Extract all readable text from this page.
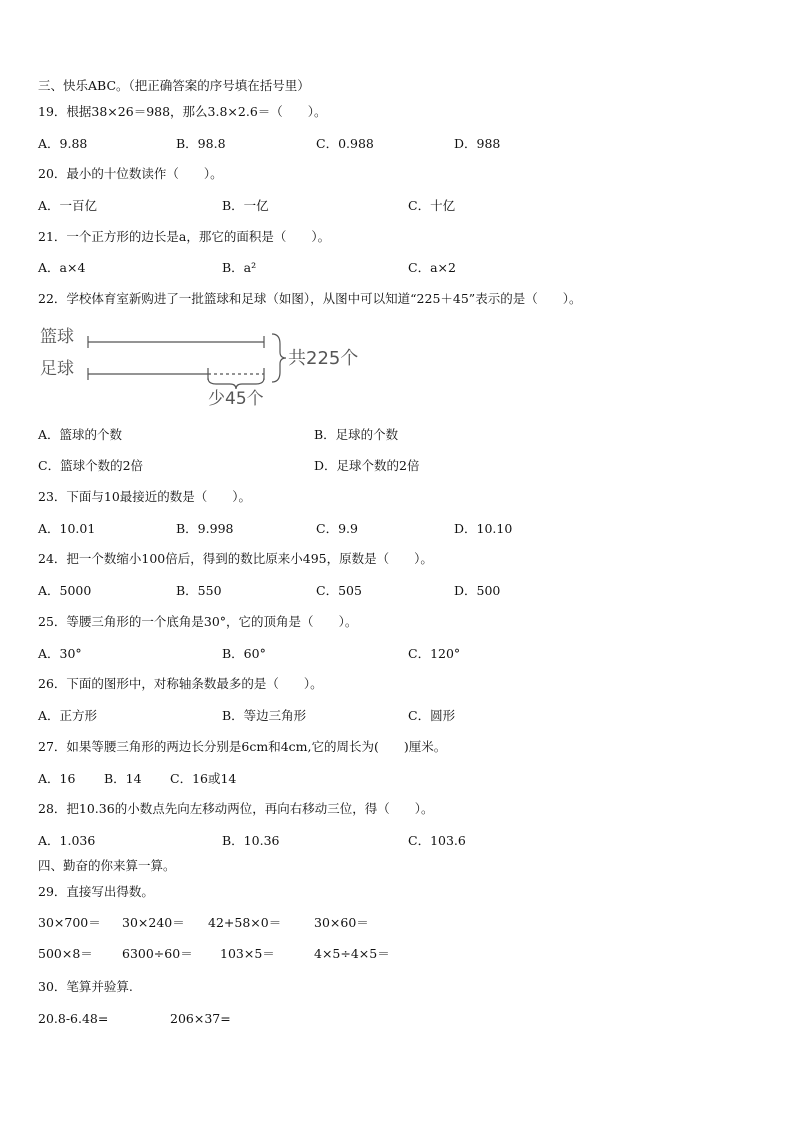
三、快乐ABC。（把正确答案的序号填在括号里）
19．根据38×26＝988，那么3.8×2.6＝（　　）。
A．9.88	B．98.8	C．0.988	D．988
20．最小的十位数读作（　　）。
A．一百亿	B．一亿	C．十亿
21．一个正方形的边长是a，那它的面积是（　　）。
A．a×4	B．a²	C．a×2
22．学校体育室新购进了一批篮球和足球（如图），从图中可以知道“225＋45”表示的是（　　）。
篮球
足球	共225个
少45个
A．篮球的个数	B．足球的个数
C．篮球个数的2倍	D．足球个数的2倍
23．下面与10最接近的数是（　　）。
A．10.01	B．9.998	C．9.9	D．10.10
24．把一个数缩小100倍后，得到的数比原来小495，原数是（　　）。
A．5000	B．550	C．505	D．500
25．等腰三角形的一个底角是30°，它的顶角是（　　）。
A．30°	B．60°	C．120°
26．下面的图形中，对称轴条数最多的是（　　）。
A．正方形	B．等边三角形	C．圆形
27．如果等腰三角形的两边长分别是6cm和4cm,它的周长为(　　)厘米。
A．16 B．14 C．16或14
28．把10.36的小数点先向左移动两位，再向右移动三位，得（　　）。
A．1.036	B．10.36	C．103.6
四、勤奋的你来算一算。
29．直接写出得数。
30×700＝ 30×240＝ 42+58×0＝	30×60＝
500×8＝ 6300÷60＝ 103×5＝	4×5÷4×5＝
30．笔算并验算.
20.8-6.48=	206×37=
